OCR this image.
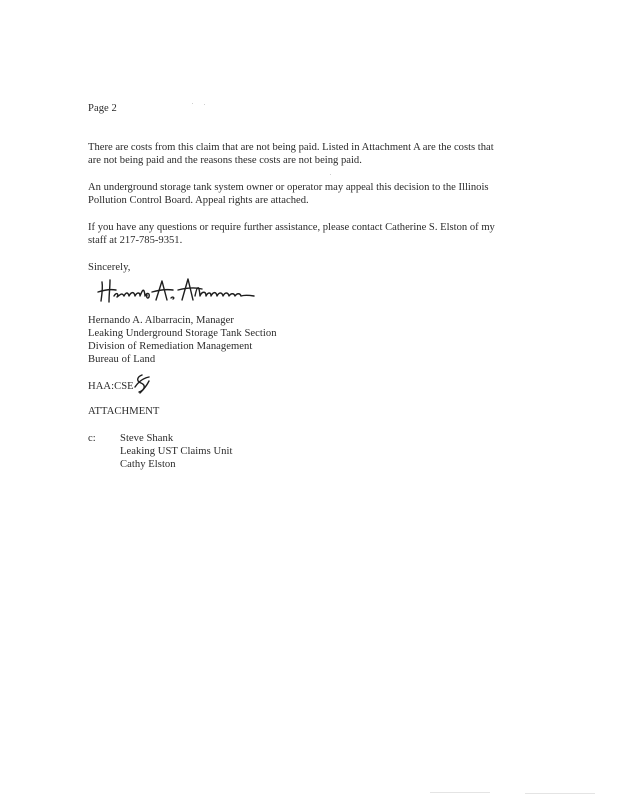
Page 2

There are costs from this claim that are not being paid. Listed in Attachment A are the costs that

are not being paid and the reasons these costs are not being paid.

An underground storage tank system owner or operator may appeal this decision to the Illinois

Pollution Control Board. Appeal rights are attached.

If you have any questions or require further assistance, please contact Catherine S. Elston of my

staff at 217-785-9351.

Sincerely,
Hernando A. Albarracin, Manager
Leaking Underground Storage Tank Section
Division of Remediation Management
Bureau of Land
HAA:CSE
ATTACHMENT
c: Steve Shank
Leaking UST Claims Unit
Cathy Elston
